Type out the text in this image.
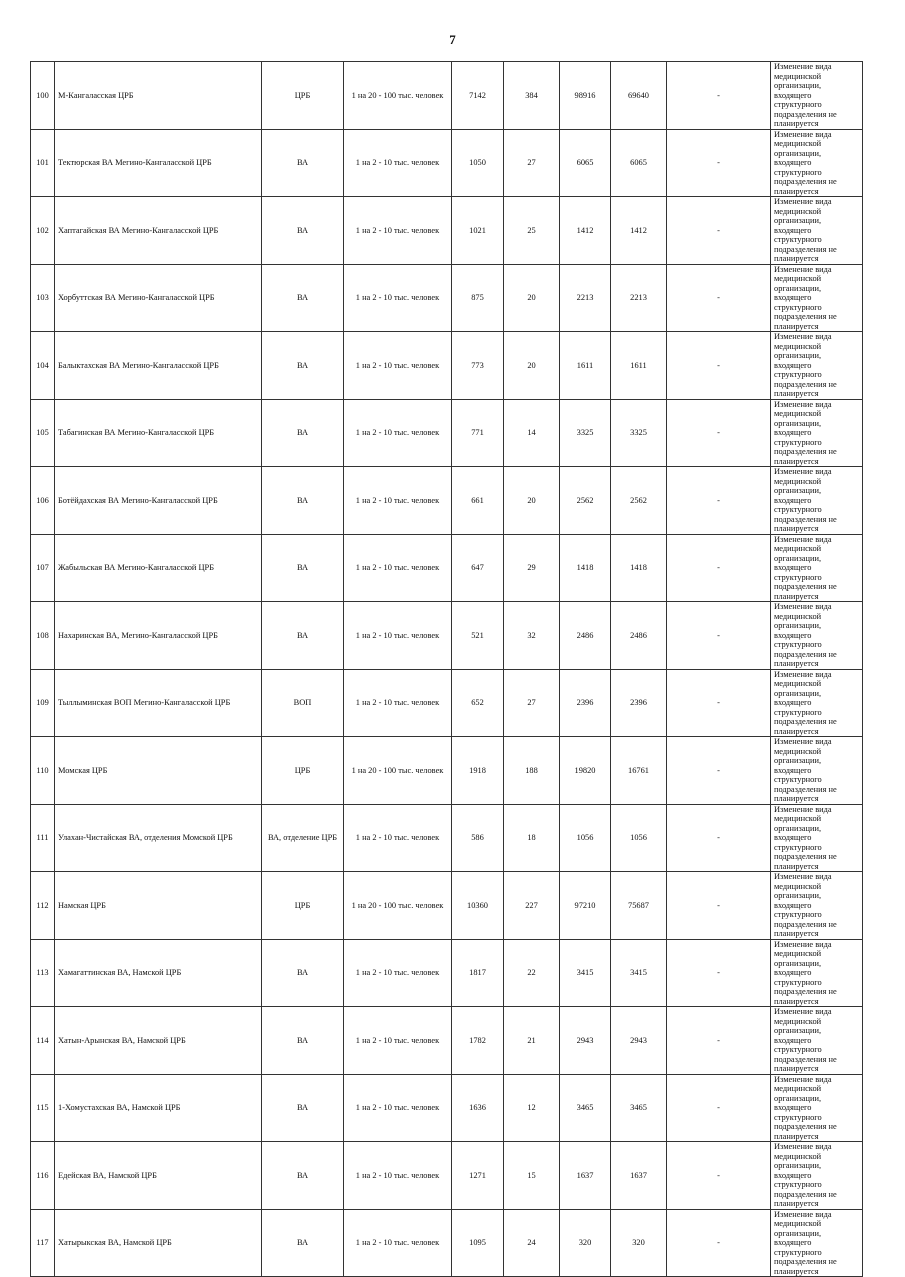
7
100	М-Кангаласская ЦРБ	ЦРБ	1 на 20 - 100 тыс. человек	7142	384	98916	69640	-	Изменение вида медицинской организации, входящего структурного подразделения не планируется
101	Тектюрская ВА Мегино-Кангаласской ЦРБ	ВА	1 на 2 - 10 тыс. человек	1050	27	6065	6065	-	Изменение вида медицинской организации, входящего структурного подразделения не планируется
102	Хаптагайская ВА Мегино-Кангаласской ЦРБ	ВА	1 на 2 - 10 тыс. человек	1021	25	1412	1412	-	Изменение вида медицинской организации, входящего структурного подразделения не планируется
103	Хорбуттская ВА Мегино-Кангаласской ЦРБ	ВА	1 на 2 - 10 тыс. человек	875	20	2213	2213	-	Изменение вида медицинской организации, входящего структурного подразделения не планируется
104	Балыктахская ВА Мегино-Кангаласской ЦРБ	ВА	1 на 2 - 10 тыс. человек	773	20	1611	1611	-	Изменение вида медицинской организации, входящего структурного подразделения не планируется
105	Табагинская ВА Мегино-Кангаласской ЦРБ	ВА	1 на 2 - 10 тыс. человек	771	14	3325	3325	-	Изменение вида медицинской организации, входящего структурного подразделения не планируется
106	Ботёйдахская ВА Мегино-Кангаласской ЦРБ	ВА	1 на 2 - 10 тыс. человек	661	20	2562	2562	-	Изменение вида медицинской организации, входящего структурного подразделения не планируется
107	Жабыльская ВА Мегино-Кангаласской ЦРБ	ВА	1 на 2 - 10 тыс. человек	647	29	1418	1418	-	Изменение вида медицинской организации, входящего структурного подразделения не планируется
108	Нахаринская ВА, Мегино-Кангаласской ЦРБ	ВА	1 на 2 - 10 тыс. человек	521	32	2486	2486	-	Изменение вида медицинской организации, входящего структурного подразделения не планируется
109	Тыллыминская ВОП Мегино-Кангаласской ЦРБ	ВОП	1 на 2 - 10 тыс. человек	652	27	2396	2396	-	Изменение вида медицинской организации, входящего структурного подразделения не планируется
110	Момская ЦРБ	ЦРБ	1 на 20 - 100 тыс. человек	1918	188	19820	16761	-	Изменение вида медицинской организации, входящего структурного подразделения не планируется
111	Улахан-Чистайская ВА, отделения Момской ЦРБ	ВА, отделение ЦРБ	1 на 2 - 10 тыс. человек	586	18	1056	1056	-	Изменение вида медицинской организации, входящего структурного подразделения не планируется
112	Намская ЦРБ	ЦРБ	1 на 20 - 100 тыс. человек	10360	227	97210	75687	-	Изменение вида медицинской организации, входящего структурного подразделения не планируется
113	Хамагаттинская ВА, Намской ЦРБ	ВА	1 на 2 - 10 тыс. человек	1817	22	3415	3415	-	Изменение вида медицинской организации, входящего структурного подразделения не планируется
114	Хатын-Арынская ВА, Намской ЦРБ	ВА	1 на 2 - 10 тыс. человек	1782	21	2943	2943	-	Изменение вида медицинской организации, входящего структурного подразделения не планируется
115	1-Хомустахская ВА, Намской ЦРБ	ВА	1 на 2 - 10 тыс. человек	1636	12	3465	3465	-	Изменение вида медицинской организации, входящего структурного подразделения не планируется
116	Едейская ВА, Намской ЦРБ	ВА	1 на 2 - 10 тыс. человек	1271	15	1637	1637	-	Изменение вида медицинской организации, входящего структурного подразделения не планируется
117	Хатырыкская ВА, Намской ЦРБ	ВА	1 на 2 - 10 тыс. человек	1095	24	320	320	-	Изменение вида медицинской организации, входящего структурного подразделения не планируется
